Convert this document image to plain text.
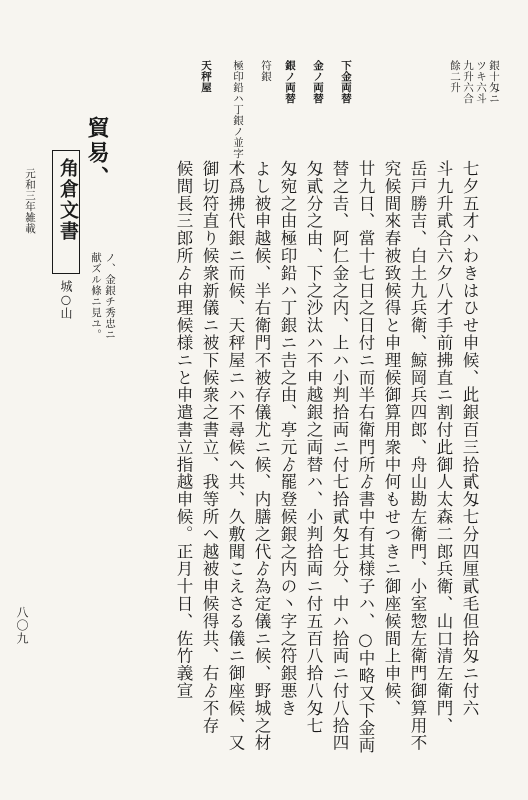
銀十匁ニ
ツキ六斗
九升六合
餘二升
下金両替
金ノ両替
銀ノ両替
符銀
極印鉛ハ丁銀ノ並字ノ
天秤屋
七夕五才ハわきはひせ申候、此銀百三拾貳匁七分四厘貳毛但拾匁ニ付六
斗九升貳合六夕八才手前拂直ニ割付此御人太森二郎兵衛、山口清左衛門、
岳戸勝吉、白土九兵衛、鯨岡兵四郎、舟山勘左衛門、小室惣左衛門御算用不
究候間來春被致候得と申理候御算用衆中何もせつきニ御座候間上申候、
廿九日、當十七日之日付ニ而半右衛門所ゟ書中有其様子ハ、○中略又下金両
替之𠮷、阿仁金之内、上ハ小判拾両ニ付七拾貳匁七分、中ハ拾両ニ付八拾四
匁貳分之由、下之沙汰ハ不申越銀之両替ハ、小判拾両ニ付五百八拾八匁七
匁宛之由極印鉛ハ丁銀ニ𠮷之由、𠅘元ゟ罷登候銀之内の丶字之符銀悪き
よし被申越候、半右衛門不被存儀尤ニ候、内膳之代ゟ為定儀ニ候、野城之材
木爲拂代銀ニ而候、天秤屋ニハ不尋候へ共、久敷聞こえさる儀ニ御座候、又
御切符直り候衆新儀ニ被下候衆之書立、我等所へ越被申候得共、右ゟ不存
候間長三郎所ゟ申理候様ニと申遣書立指越申候。正月十日、佐竹義宣
貿易、
角倉文書
城○山	ノ、金銀チ秀忠ニ
献ズル條ニ見ユ。
元和三年雑載
八〇九
